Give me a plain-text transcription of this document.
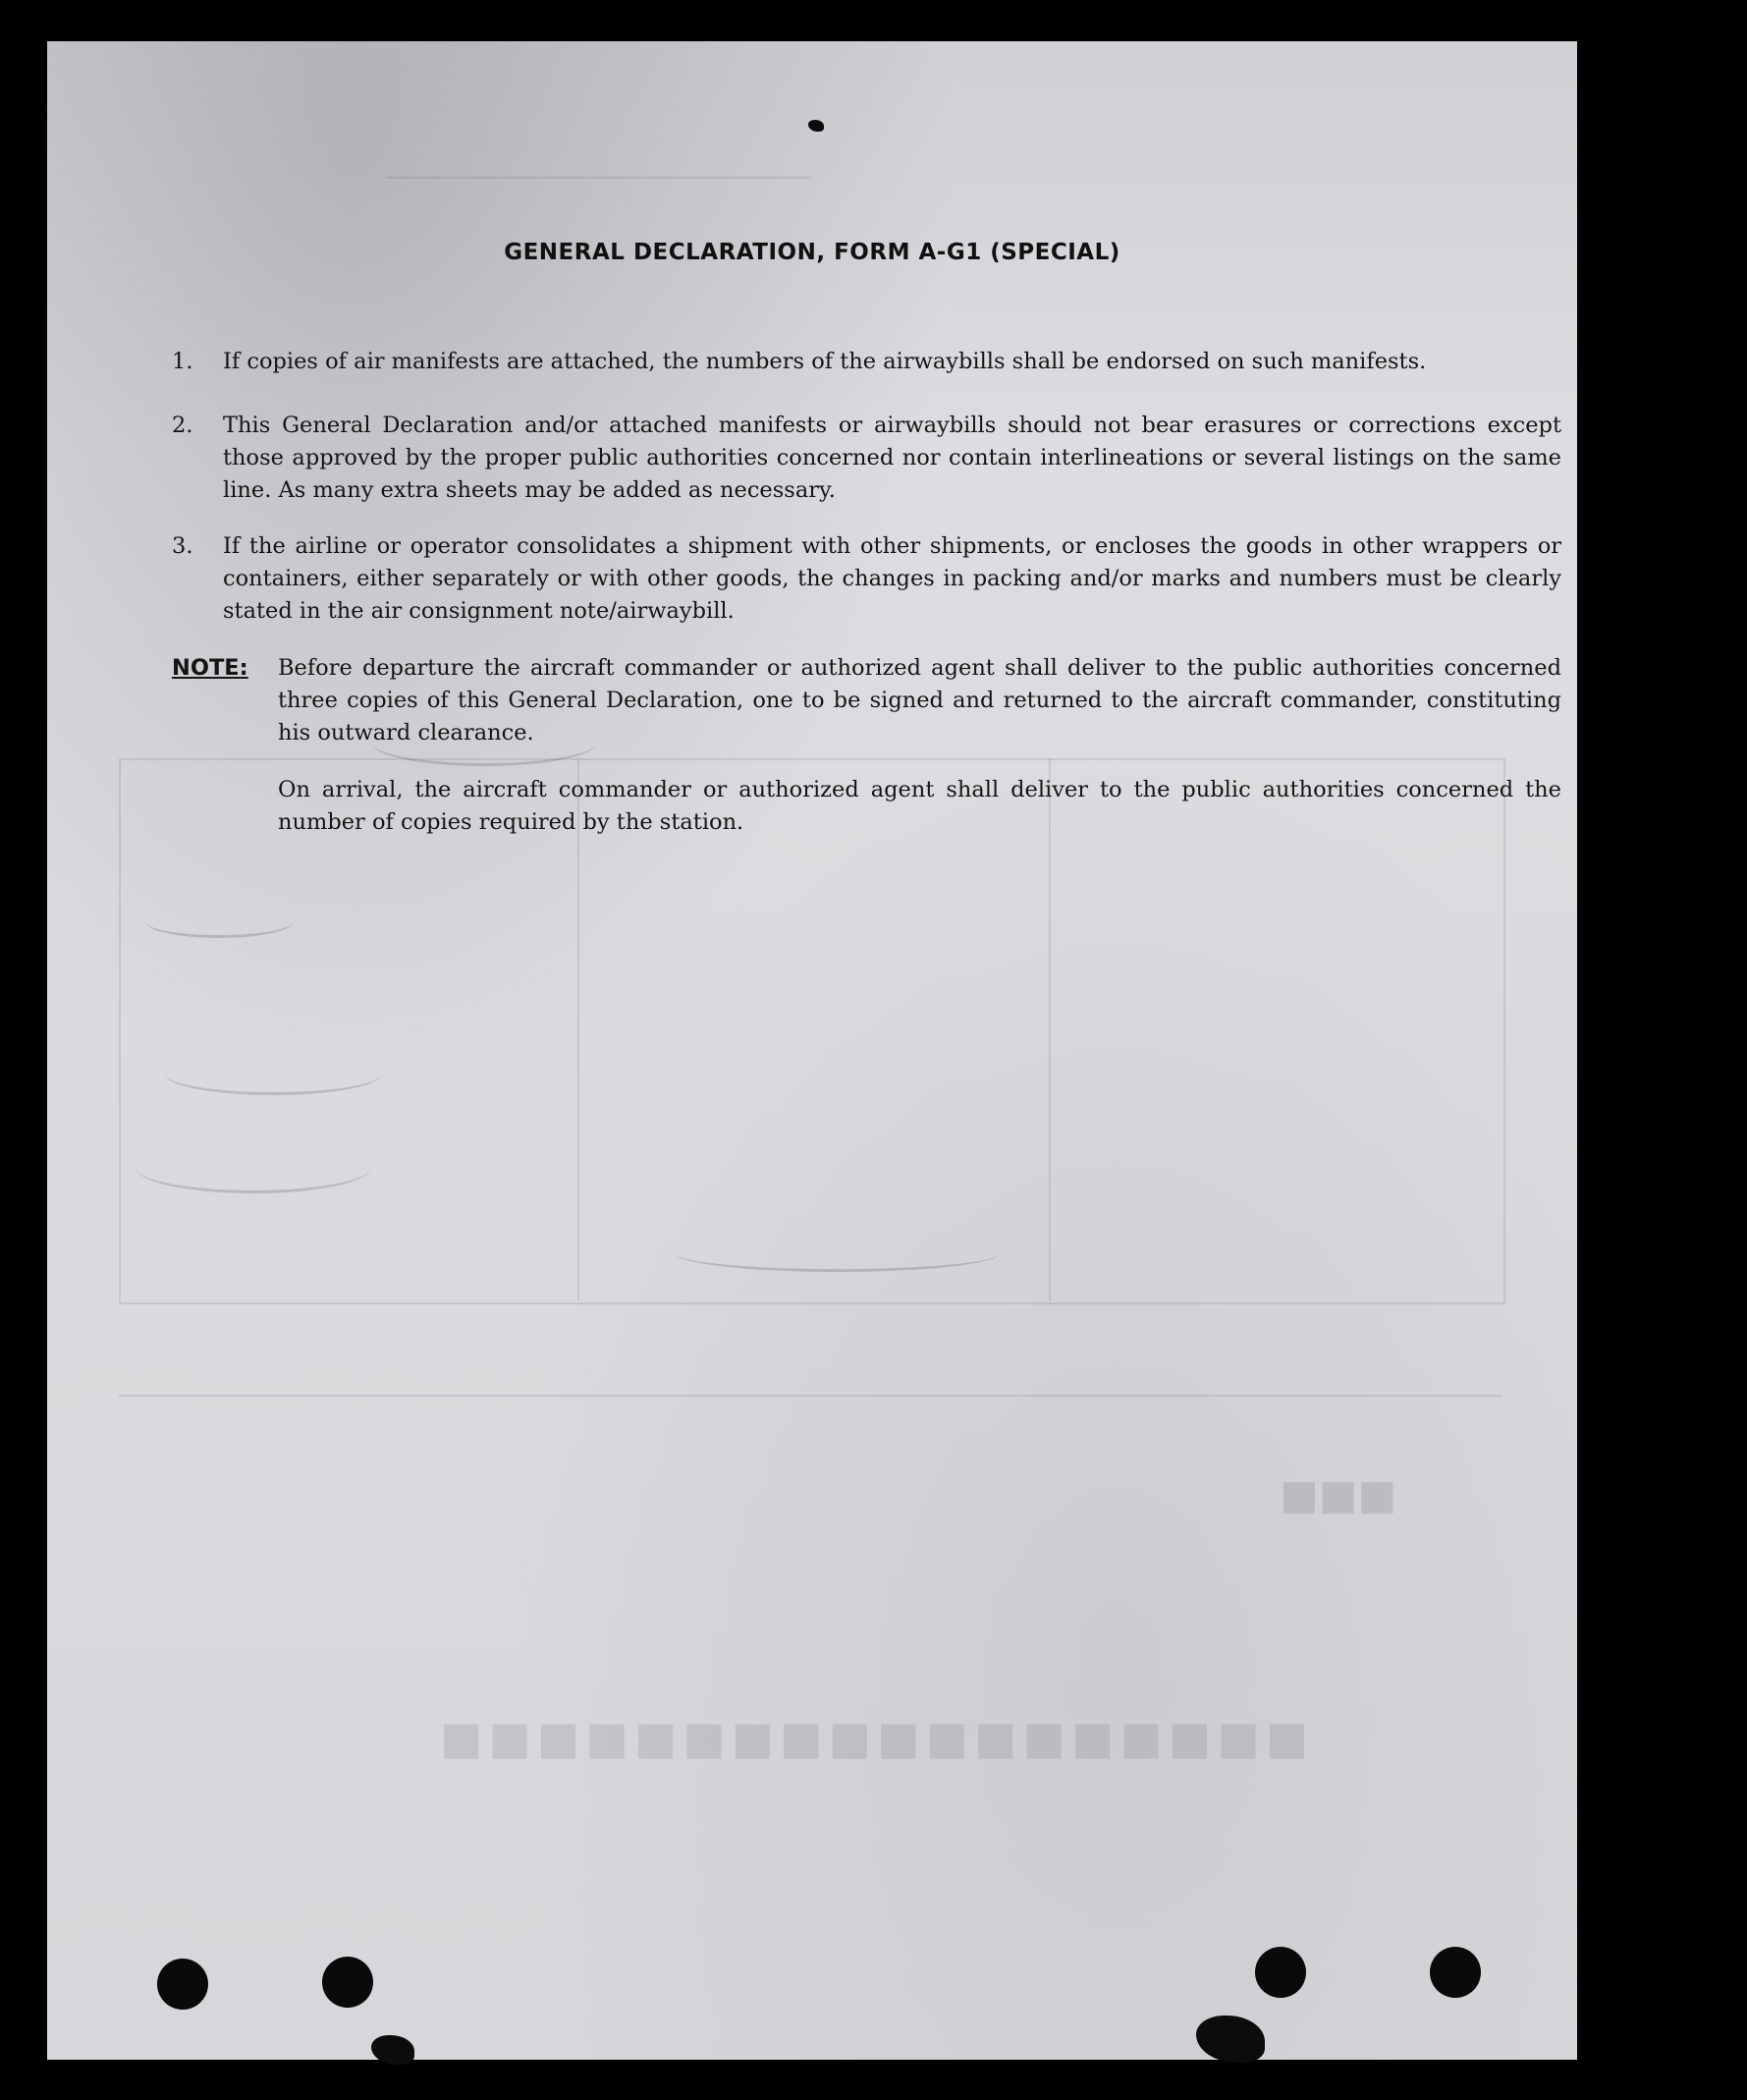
────────────────────────
■■■■■■■■■■■■■■■■■■
■■■
GENERAL DECLARATION, FORM A-G1 (SPECIAL)
1.	If copies of air manifests are attached, the numbers of the airwaybills shall be endorsed on such manifests.
2.	This General Declaration and/or attached manifests or airwaybills should not bear erasures or corrections except those approved by the proper public authorities concerned nor contain interlineations or several listings on the same line. As many extra sheets may be added as necessary.
3.	If the airline or operator consolidates a shipment with other shipments, or encloses the goods in other wrappers or containers, either separately or with other goods, the changes in packing and/or marks and numbers must be clearly stated in the air consignment note/airwaybill.
NOTE: Before departure the aircraft commander or authorized agent shall deliver to the public authorities concerned three copies of this General Declaration, one to be signed and returned to the aircraft commander, constituting his outward clearance.
On arrival, the aircraft commander or authorized agent shall deliver to the public authorities concerned the number of copies required by the station.
